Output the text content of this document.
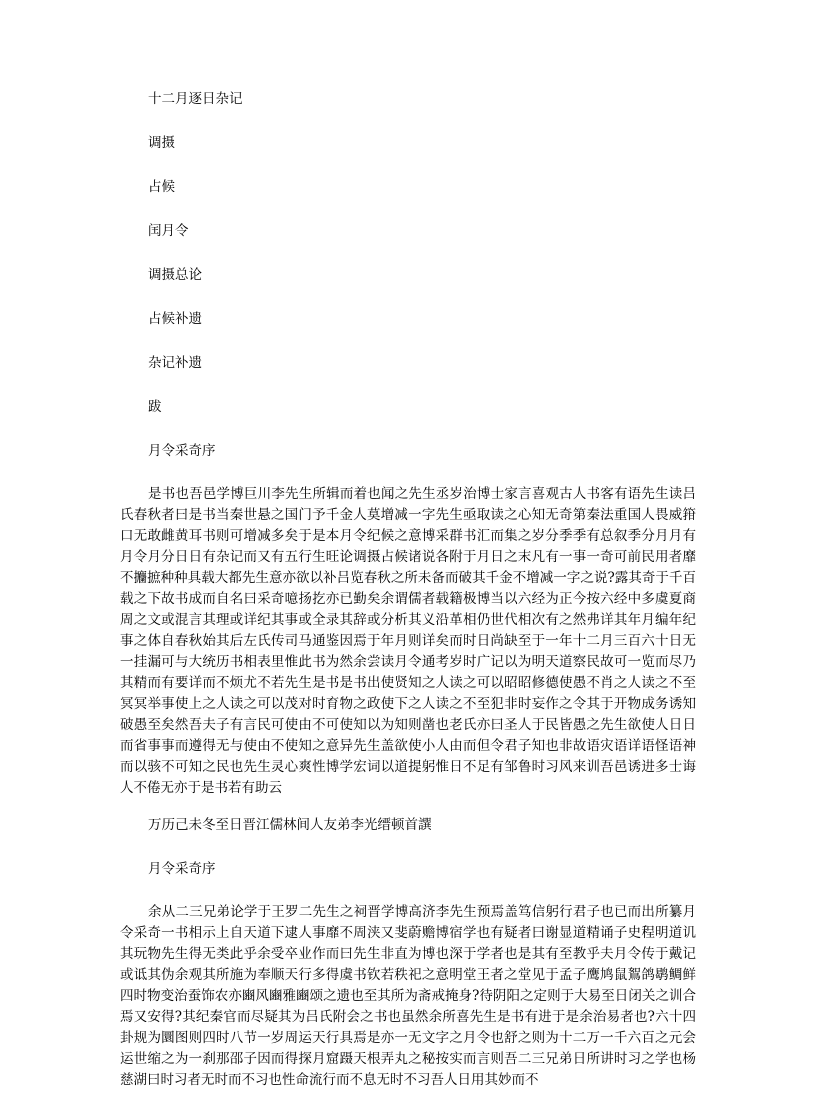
十二月逐日杂记
调摄
占候
闰月令
调摄总论
占候补遗
杂记补遗
跋
月令采奇序

是书也吾邑学博巨川李先生所辑而着也闻之先生丞岁治博士家言喜观古人书客有语先生读吕氏春秋者曰是书当秦世悬之国门予千金人莫增减一字先生亟取读之心知无奇第秦法重国人畏威箝口无敢雌黄耳书则可增减多矣于是本月令纪候之意博采群书汇而集之岁分季季有总叙季分月月有月令月分日日有杂记而又有五行生旺论调摄占候诸说各附于月日之末凡有一事一奇可前民用者靡不攟摭种种具载大都先生意亦欲以补吕览春秋之所未备而破其千金不增减一字之说?露其奇于千百载之下故书成而自名曰采奇噫扬扢亦已勤矣余谓儒者载籍极博当以六经为正今按六经中多虞夏商周之文或混言其理或详纪其事或全录其辞或分析其义沿革相仍世代相次有之然弗详其年月编年纪事之体自春秋始其后左氏传司马通鉴因焉于年月则详矣而时日尚缺至于一年十二月三百六十日无一挂漏可与大统历书相表里惟此书为然余尝读月令通考岁时广记以为明天道察民故可一览而尽乃其精而有要详而不烦尤不若先生是书是书出使贤知之人读之可以昭昭修德使愚不肖之人读之不至冥冥举事使上之人读之可以茂对时育物之政使下之人读之不至犯非时妄作之令其于开物成务诱知破愚至矣然吾夫子有言民可使由不可使知以为知则凿也老氏亦曰圣人于民皆愚之先生欲使人日日而省事事而遵得无与使由不使知之意异先生盖欲使小人由而但令君子知也非故语灾语详语怪语神而以骇不可知之民也先生灵心爽性博学宏词以道提躬惟日不足有邹鲁时习风来训吾邑诱进多士诲人不倦无亦于是书若有助云

万历己未冬至日晋江儒林间人友弟李光缙顿首譔
月令采奇序

余从二三兄弟论学于王罗二先生之祠晋学博高济李先生预焉盖笃信躬行君子也已而出所纂月令采奇一书相示上自天道下逮人事靡不周浃又斐蔚赡博宿学也有疑者曰谢显道精诵子史程明道讥其玩物先生得无类此乎余受卒业作而曰先生非直为博也深于学者也是其有至教乎夫月令传于戴记或诋其伪余观其所施为奉顺天行多得虞书钦若秩祀之意明堂王者之堂见于孟子鹰鸠鼠鴽鸽鹖鲷鲜四时物变治蚕饰农亦豳风豳雅豳颂之遗也至其所为斋戒掩身?待阴阳之定则于大易至日闭关之训合焉又安得?其纪秦官而尽疑其为吕氏附会之书也虽然余所喜先生是书有进于是余治易者也?六十四卦规为圜图则四时八节一岁周运天行具焉是亦一无文字之月令也舒之则为十二万一千六百之元会运世缩之为一刹那邵子因而得探月窟蹑天根弄丸之秘按实而言则吾二三兄弟日所讲时习之学也杨慈湖曰时习者无时而不习也性命流行而不息无时不习吾人日用其妙而不
